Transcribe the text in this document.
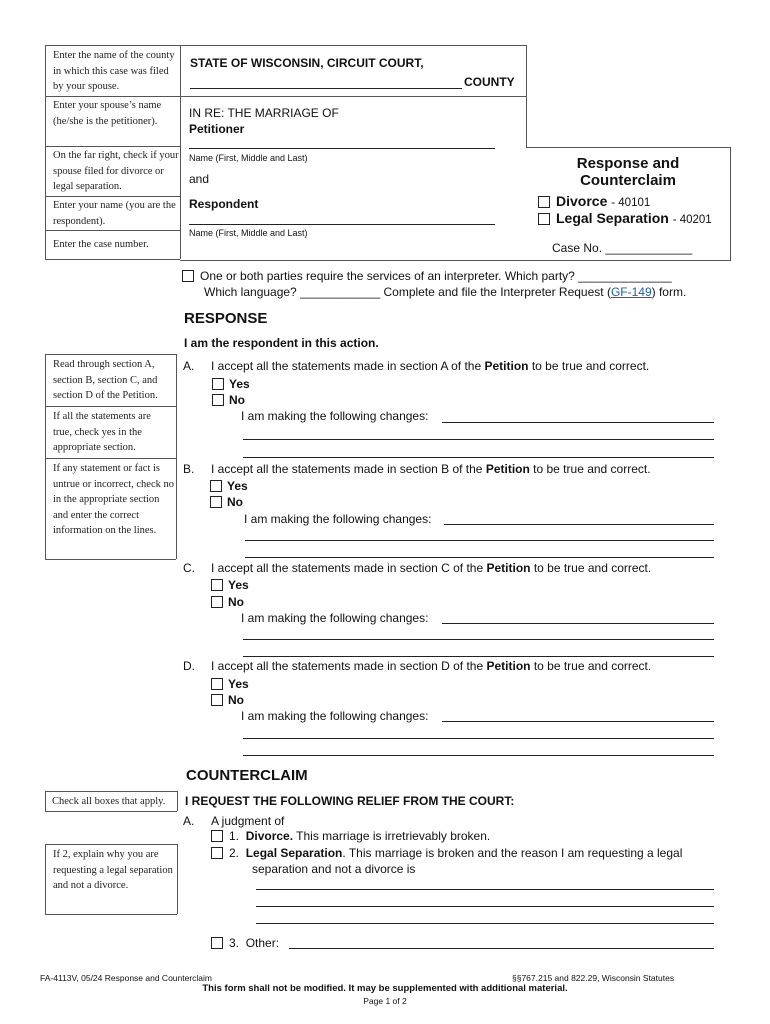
Enter the name of the county in which this case was filed by your spouse.
Enter your spouse’s name (he/she is the petitioner).
On the far right, check if your spouse filed for divorce or legal separation.
Enter your name (you are the respondent).
Enter the case number.
STATE OF WISCONSIN, CIRCUIT COURT,
COUNTY
IN RE: THE MARRIAGE OF
Petitioner
Name (First, Middle and Last)
and
Respondent
Name (First, Middle and Last)
Response and
Counterclaim
Divorce - 40101
Legal Separation - 40201
Case No. _____________
One or both parties require the services of an interpreter. Which party? ______________
Which language? ____________ Complete and file the Interpreter Request (GF-149) form.
RESPONSE
I am the respondent in this action.
Read through section A, section B, section C, and section D of the Petition.
If all the statements are true, check yes in the appropriate section.
If any statement or fact is untrue or incorrect, check no in the appropriate section and enter the correct information on the lines.
A. I accept all the statements made in section A of the Petition to be true and correct.
Yes
No
I am making the following changes:
B. I accept all the statements made in section B of the Petition to be true and correct.
Yes
No
I am making the following changes:
C. I accept all the statements made in section C of the Petition to be true and correct.
Yes
No
I am making the following changes:
D. I accept all the statements made in section D of the Petition to be true and correct.
Yes
No
I am making the following changes:
COUNTERCLAIM
Check all boxes that apply.
If 2, explain why you are requesting a legal separation and not a divorce.
I REQUEST THE FOLLOWING RELIEF FROM THE COURT:
A. A judgment of
1. Divorce. This marriage is irretrievably broken.
2. Legal Separation. This marriage is broken and the reason I am requesting a legal
separation and not a divorce is
3. Other:
FA-4113V, 05/24 Response and Counterclaim	§§767.215 and 822.29, Wisconsin Statutes
This form shall not be modified. It may be supplemented with additional material.
Page 1 of 2
